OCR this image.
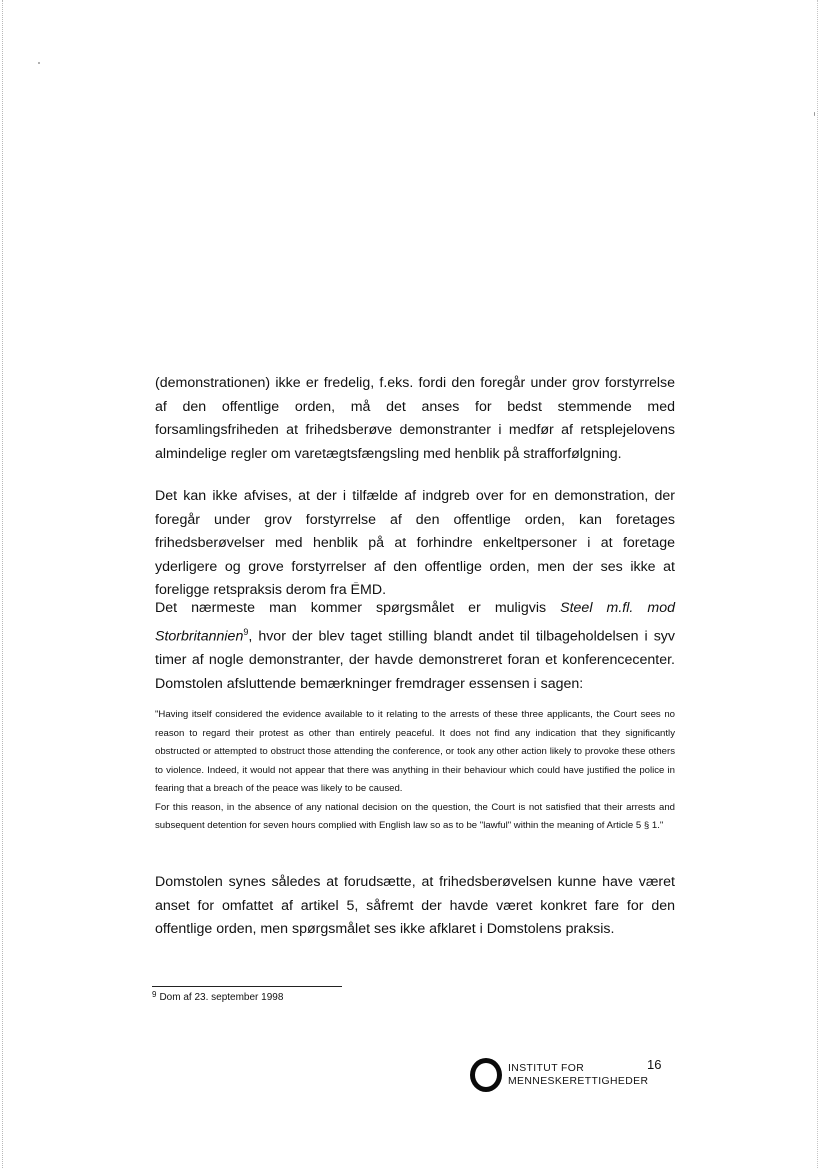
(demonstrationen) ikke er fredelig, f.eks. fordi den foregår under grov forstyrrelse af den offentlige orden, må det anses for bedst stemmende med forsamlingsfriheden at frihedsberøve demonstranter i medfør af retsplejelovens almindelige regler om varetægtsfængsling med henblik på strafforfølgning.

Det kan ikke afvises, at der i tilfælde af indgreb over for en demonstration, der foregår under grov forstyrrelse af den offentlige orden, kan foretages frihedsberøvelser med henblik på at forhindre enkeltpersoner i at foretage yderligere og grove forstyrrelser af den offentlige orden, men der ses ikke at foreligge retspraksis derom fra EMD.

Det nærmeste man kommer spørgsmålet er muligvis Steel m.fl. mod Storbritannien$^9$, hvor der blev taget stilling blandt andet til tilbageholdelsen i syv timer af nogle demonstranter, der havde demonstreret foran et konferencecenter. Domstolen afsluttende bemærkninger fremdrager essensen i sagen:

"Having itself considered the evidence available to it relating to the arrests of these three applicants, the Court sees no reason to regard their protest as other than entirely peaceful. It does not find any indication that they significantly obstructed or attempted to obstruct those attending the conference, or took any other action likely to provoke these others to violence. Indeed, it would not appear that there was anything in their behaviour which could have justified the police in fearing that a breach of the peace was likely to be caused.
For this reason, in the absence of any national decision on the question, the Court is not satisfied that their arrests and subsequent detention for seven hours complied with English law so as to be "lawful" within the meaning of Article 5 § 1."

Domstolen synes således at forudsætte, at frihedsberøvelsen kunne have været anset for omfattet af artikel 5, såfremt der havde været konkret fare for den offentlige orden, men spørgsmålet ses ikke afklaret i Domstolens praksis.

$^9$ Dom af 23. september 1998

INSTITUT FOR
MENNESKERETTIGHEDER

16
